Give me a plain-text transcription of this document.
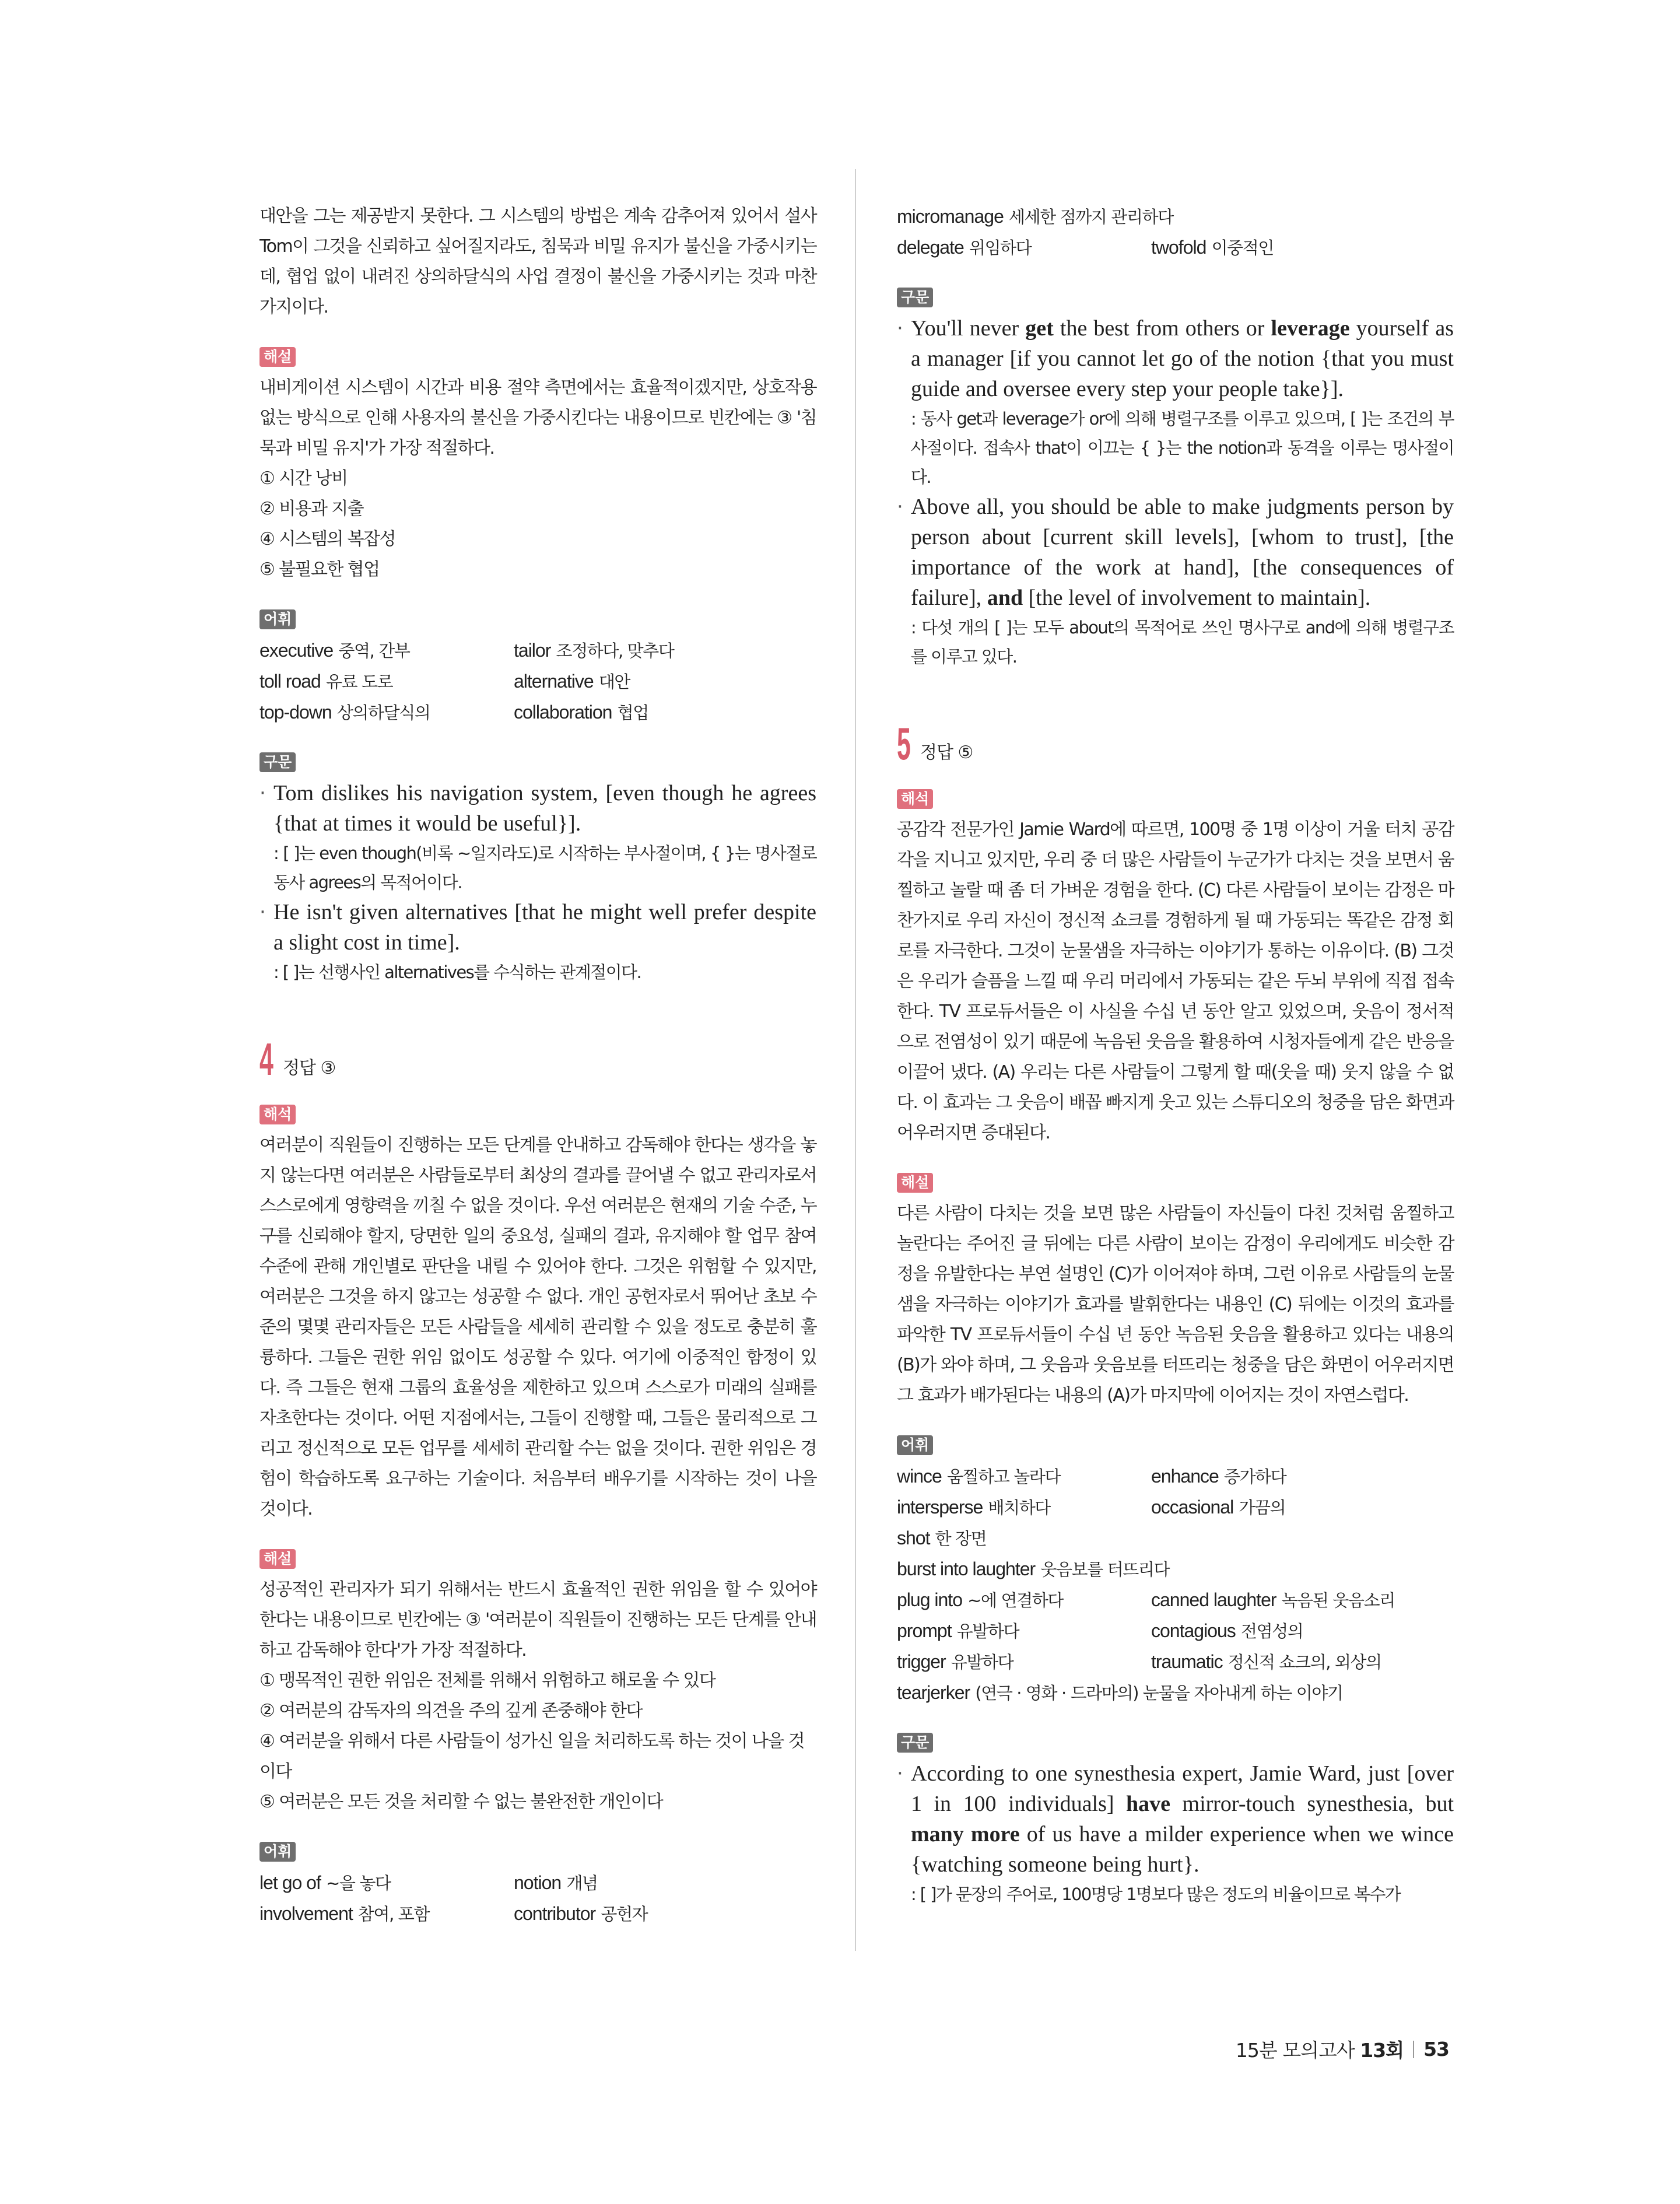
대안을 그는 제공받지 못한다. 그 시스템의 방법은 계속 감추어져 있어서 설사 Tom이 그것을 신뢰하고 싶어질지라도, 침묵과 비밀 유지가 불신을 가중시키는데, 협업 없이 내려진 상의하달식의 사업 결정이 불신을 가중시키는 것과 마찬가지이다.

해설

내비게이션 시스템이 시간과 비용 절약 측면에서는 효율적이겠지만, 상호작용 없는 방식으로 인해 사용자의 불신을 가중시킨다는 내용이므로 빈칸에는 ③ '침묵과 비밀 유지'가 가장 적절하다.

① 시간 낭비

② 비용과 지출

④ 시스템의 복잡성

⑤ 불필요한 협업

어휘
executive 중역, 간부	tailor 조정하다, 맞추다
toll road 유료 도로	alternative 대안
top-down 상의하달식의	collaboration 협업
구문
· Tom dislikes his navigation system, [even though he agrees {that at times it would be useful}].

: [ ]는 even though(비록 ~일지라도)로 시작하는 부사절이며, { }는 명사절로 동사 agrees의 목적어이다.

· He isn't given alternatives [that he might well prefer despite a slight cost in time].

: [ ]는 선행사인 alternatives를 수식하는 관계절이다.

4 정답 ③
해석

여러분이 직원들이 진행하는 모든 단계를 안내하고 감독해야 한다는 생각을 놓지 않는다면 여러분은 사람들로부터 최상의 결과를 끌어낼 수 없고 관리자로서 스스로에게 영향력을 끼칠 수 없을 것이다. 우선 여러분은 현재의 기술 수준, 누구를 신뢰해야 할지, 당면한 일의 중요성, 실패의 결과, 유지해야 할 업무 참여 수준에 관해 개인별로 판단을 내릴 수 있어야 한다. 그것은 위험할 수 있지만, 여러분은 그것을 하지 않고는 성공할 수 없다. 개인 공헌자로서 뛰어난 초보 수준의 몇몇 관리자들은 모든 사람들을 세세히 관리할 수 있을 정도로 충분히 훌륭하다. 그들은 권한 위임 없이도 성공할 수 있다. 여기에 이중적인 함정이 있다. 즉 그들은 현재 그룹의 효율성을 제한하고 있으며 스스로가 미래의 실패를 자초한다는 것이다. 어떤 지점에서는, 그들이 진행할 때, 그들은 물리적으로 그리고 정신적으로 모든 업무를 세세히 관리할 수는 없을 것이다. 권한 위임은 경험이 학습하도록 요구하는 기술이다. 처음부터 배우기를 시작하는 것이 나을 것이다.

해설

성공적인 관리자가 되기 위해서는 반드시 효율적인 권한 위임을 할 수 있어야 한다는 내용이므로 빈칸에는 ③ '여러분이 직원들이 진행하는 모든 단계를 안내하고 감독해야 한다'가 가장 적절하다.

① 맹목적인 권한 위임은 전체를 위해서 위험하고 해로울 수 있다

② 여러분의 감독자의 의견을 주의 깊게 존중해야 한다

④ 여러분을 위해서 다른 사람들이 성가신 일을 처리하도록 하는 것이 나을 것이다

⑤ 여러분은 모든 것을 처리할 수 없는 불완전한 개인이다

어휘
let go of ~을 놓다	notion 개념
involvement 참여, 포함	contributor 공헌자
micromanage 세세한 점까지 관리하다
delegate 위임하다	twofold 이중적인
구문
· You'll never get the best from others or leverage yourself as a manager [if you cannot let go of the notion {that you must guide and oversee every step your people take}].

: 동사 get과 leverage가 or에 의해 병렬구조를 이루고 있으며, [ ]는 조건의 부사절이다. 접속사 that이 이끄는 { }는 the notion과 동격을 이루는 명사절이다.

· Above all, you should be able to make judgments person by person about [current skill levels], [whom to trust], [the importance of the work at hand], [the consequences of failure], and [the level of involvement to maintain].

: 다섯 개의 [ ]는 모두 about의 목적어로 쓰인 명사구로 and에 의해 병렬구조를 이루고 있다.

5 정답 ⑤
해석

공감각 전문가인 Jamie Ward에 따르면, 100명 중 1명 이상이 거울 터치 공감각을 지니고 있지만, 우리 중 더 많은 사람들이 누군가가 다치는 것을 보면서 움찔하고 놀랄 때 좀 더 가벼운 경험을 한다. (C) 다른 사람들이 보이는 감정은 마찬가지로 우리 자신이 정신적 쇼크를 경험하게 될 때 가동되는 똑같은 감정 회로를 자극한다. 그것이 눈물샘을 자극하는 이야기가 통하는 이유이다. (B) 그것은 우리가 슬픔을 느낄 때 우리 머리에서 가동되는 같은 두뇌 부위에 직접 접속한다. TV 프로듀서들은 이 사실을 수십 년 동안 알고 있었으며, 웃음이 정서적으로 전염성이 있기 때문에 녹음된 웃음을 활용하여 시청자들에게 같은 반응을 이끌어 냈다. (A) 우리는 다른 사람들이 그렇게 할 때(웃을 때) 웃지 않을 수 없다. 이 효과는 그 웃음이 배꼽 빠지게 웃고 있는 스튜디오의 청중을 담은 화면과 어우러지면 증대된다.

해설

다른 사람이 다치는 것을 보면 많은 사람들이 자신들이 다친 것처럼 움찔하고 놀란다는 주어진 글 뒤에는 다른 사람이 보이는 감정이 우리에게도 비슷한 감정을 유발한다는 부연 설명인 (C)가 이어져야 하며, 그런 이유로 사람들의 눈물샘을 자극하는 이야기가 효과를 발휘한다는 내용인 (C) 뒤에는 이것의 효과를 파악한 TV 프로듀서들이 수십 년 동안 녹음된 웃음을 활용하고 있다는 내용의 (B)가 와야 하며, 그 웃음과 웃음보를 터뜨리는 청중을 담은 화면이 어우러지면 그 효과가 배가된다는 내용의 (A)가 마지막에 이어지는 것이 자연스럽다.

어휘
wince 움찔하고 놀라다	enhance 증가하다
intersperse 배치하다	occasional 가끔의
shot 한 장면
burst into laughter 웃음보를 터뜨리다
plug into ~에 연결하다	canned laughter 녹음된 웃음소리
prompt 유발하다	contagious 전염성의
trigger 유발하다	traumatic 정신적 쇼크의, 외상의
tearjerker (연극 · 영화 · 드라마의) 눈물을 자아내게 하는 이야기
구문
· According to one synesthesia expert, Jamie Ward, just [over 1 in 100 individuals] have mirror-touch synesthesia, but many more of us have a milder experience when we wince {watching someone being hurt}.

: [ ]가 문장의 주어로, 100명당 1명보다 많은 정도의 비율이므로 복수가

15분 모의고사
13회 53
